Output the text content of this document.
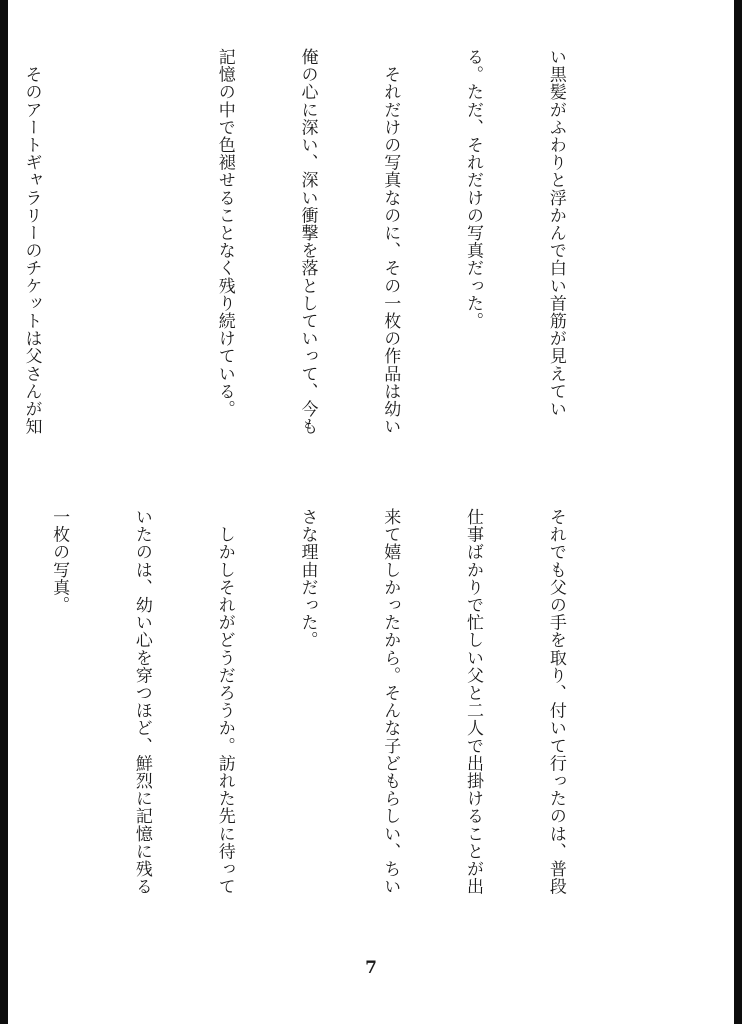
い黒髪がふわりと浮かんで白い首筋が見えてい

る。ただ、それだけの写真だった。

　それだけの写真なのに、その一枚の作品は幼い

俺の心に深い、深い衝撃を落としていって、今も

記憶の中で色褪せることなく残り続けている。

　そのアートギャラリーのチケットは父さんが知

それでも父の手を取り、付いて行ったのは、普段

仕事ばかりで忙しい父と二人で出掛けることが出

来て嬉しかったから。そんな子どもらしい、ちい

さな理由だった。

　しかしそれがどうだろうか。訪れた先に待って

いたのは、幼い心を穿つほど、鮮烈に記憶に残る

一枚の写真。

7
